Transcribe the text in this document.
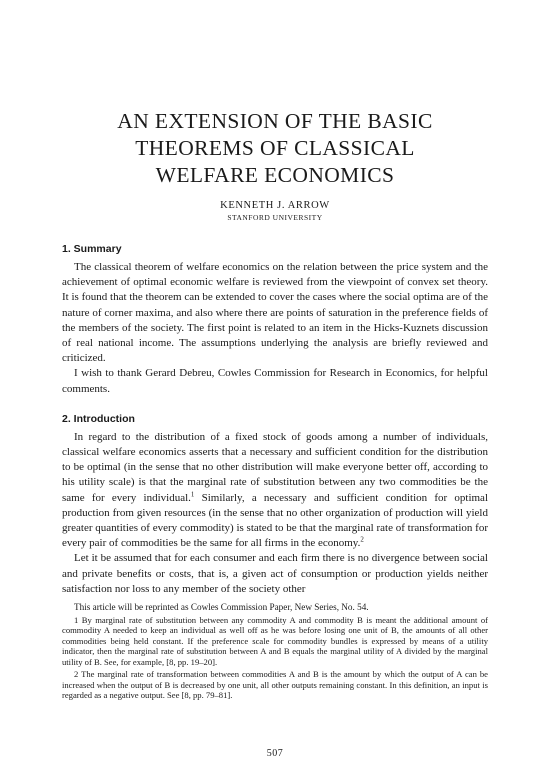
AN EXTENSION OF THE BASIC
THEOREMS OF CLASSICAL
WELFARE ECONOMICS
KENNETH J. ARROW
STANFORD UNIVERSITY
1. Summary

The classical theorem of welfare economics on the relation between the price system and the achievement of optimal economic welfare is reviewed from the viewpoint of convex set theory. It is found that the theorem can be extended to cover the cases where the social optima are of the nature of corner maxima, and also where there are points of saturation in the preference fields of the members of the society. The first point is related to an item in the Hicks-Kuznets discussion of real national income. The assumptions underlying the analysis are briefly reviewed and criticized.

I wish to thank Gerard Debreu, Cowles Commission for Research in Economics, for helpful comments.

2. Introduction

In regard to the distribution of a fixed stock of goods among a number of individuals, classical welfare economics asserts that a necessary and sufficient condition for the distribution to be optimal (in the sense that no other distribution will make everyone better off, according to his utility scale) is that the marginal rate of substitution between any two commodities be the same for every individual.$^1$ Similarly, a necessary and sufficient condition for optimal production from given resources (in the sense that no other organization of production will yield greater quantities of every commodity) is stated to be that the marginal rate of transformation for every pair of commodities be the same for all firms in the economy.$^2$

Let it be assumed that for each consumer and each firm there is no divergence between social and private benefits or costs, that is, a given act of consumption or production yields neither satisfaction nor loss to any member of the society other

This article will be reprinted as Cowles Commission Paper, New Series, No. 54.

1 By marginal rate of substitution between any commodity A and commodity B is meant the additional amount of commodity A needed to keep an individual as well off as he was before losing one unit of B, the amounts of all other commodities being held constant. If the preference scale for commodity bundles is expressed by means of a utility indicator, then the marginal rate of substitution between A and B equals the marginal utility of A divided by the marginal utility of B. See, for example, [8, pp. 19–20].

2 The marginal rate of transformation between commodities A and B is the amount by which the output of A can be increased when the output of B is decreased by one unit, all other outputs remaining constant. In this definition, an input is regarded as a negative output. See [8, pp. 79–81].

507
